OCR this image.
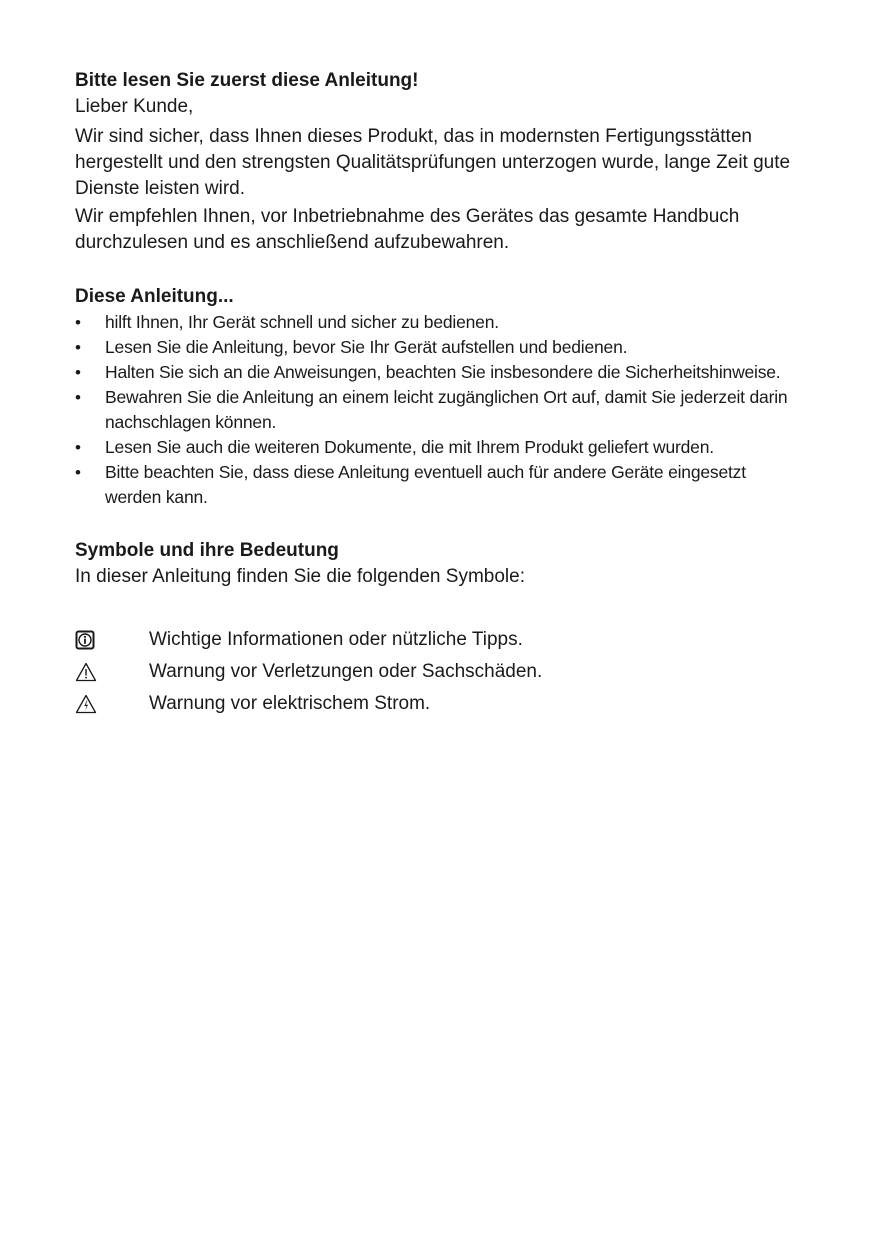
Bitte lesen Sie zuerst diese Anleitung!

Lieber Kunde,

Wir sind sicher, dass Ihnen dieses Produkt, das in modernsten Fertigungsstätten hergestellt und den strengsten Qualitätsprüfungen unterzogen wurde, lange Zeit gute Dienste leisten wird.

Wir empfehlen Ihnen, vor Inbetriebnahme des Gerätes das gesamte Handbuch durchzulesen und es anschließend aufzubewahren.

Diese Anleitung...

• hilft Ihnen, Ihr Gerät schnell und sicher zu bedienen.
• Lesen Sie die Anleitung, bevor Sie Ihr Gerät aufstellen und bedienen.
• Halten Sie sich an die Anweisungen, beachten Sie insbesondere die Sicherheitshinweise.
• Bewahren Sie die Anleitung an einem leicht zugänglichen Ort auf, damit Sie jederzeit darin nachschlagen können.
• Lesen Sie auch die weiteren Dokumente, die mit Ihrem Produkt geliefert wurden.
• Bitte beachten Sie, dass diese Anleitung eventuell auch für andere Geräte eingesetzt werden kann.

Symbole und ihre Bedeutung

In dieser Anleitung finden Sie die folgenden Symbole:

Wichtige Informationen oder nützliche Tipps.
Warnung vor Verletzungen oder Sachschäden.
Warnung vor elektrischem Strom.
